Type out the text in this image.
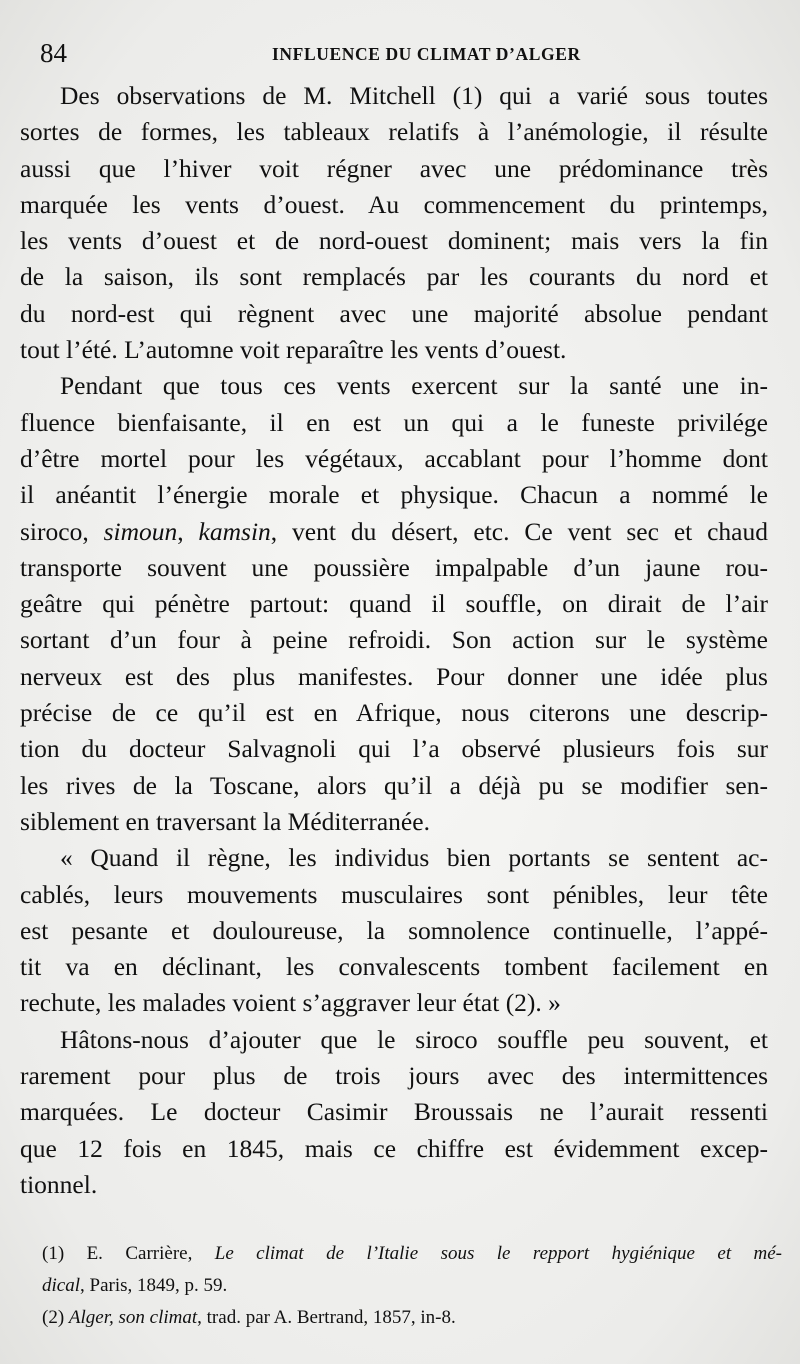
84	INFLUENCE DU CLIMAT D’ALGER
Des observations de M. Mitchell (1) qui a varié sous toutes
sortes de formes, les tableaux relatifs à l’anémologie, il résulte
aussi que l’hiver voit régner avec une prédominance très
marquée les vents d’ouest. Au commencement du printemps,
les vents d’ouest et de nord-ouest dominent; mais vers la fin
de la saison, ils sont remplacés par les courants du nord et
du nord-est qui règnent avec une majorité absolue pendant
tout l’été. L’automne voit reparaître les vents d’ouest.
Pendant que tous ces vents exercent sur la santé une in-
fluence bienfaisante, il en est un qui a le funeste privilége
d’être mortel pour les végétaux, accablant pour l’homme dont
il anéantit l’énergie morale et physique. Chacun a nommé le
siroco, simoun, kamsin, vent du désert, etc. Ce vent sec et chaud
transporte souvent une poussière impalpable d’un jaune rou-
geâtre qui pénètre partout: quand il souffle, on dirait de l’air
sortant d’un four à peine refroidi. Son action sur le système
nerveux est des plus manifestes. Pour donner une idée plus
précise de ce qu’il est en Afrique, nous citerons une descrip-
tion du docteur Salvagnoli qui l’a observé plusieurs fois sur
les rives de la Toscane, alors qu’il a déjà pu se modifier sen-
siblement en traversant la Méditerranée.
« Quand il règne, les individus bien portants se sentent ac-
cablés, leurs mouvements musculaires sont pénibles, leur tête
est pesante et douloureuse, la somnolence continuelle, l’appé-
tit va en déclinant, les convalescents tombent facilement en
rechute, les malades voient s’aggraver leur état (2). »
Hâtons-nous d’ajouter que le siroco souffle peu souvent, et
rarement pour plus de trois jours avec des intermittences
marquées. Le docteur Casimir Broussais ne l’aurait ressenti
que 12 fois en 1845, mais ce chiffre est évidemment excep-
tionnel.
(1) E. Carrière, Le climat de l’Italie sous le repport hygiénique et mé-
dical, Paris, 1849, p. 59.
(2) Alger, son climat, trad. par A. Bertrand, 1857, in-8.
